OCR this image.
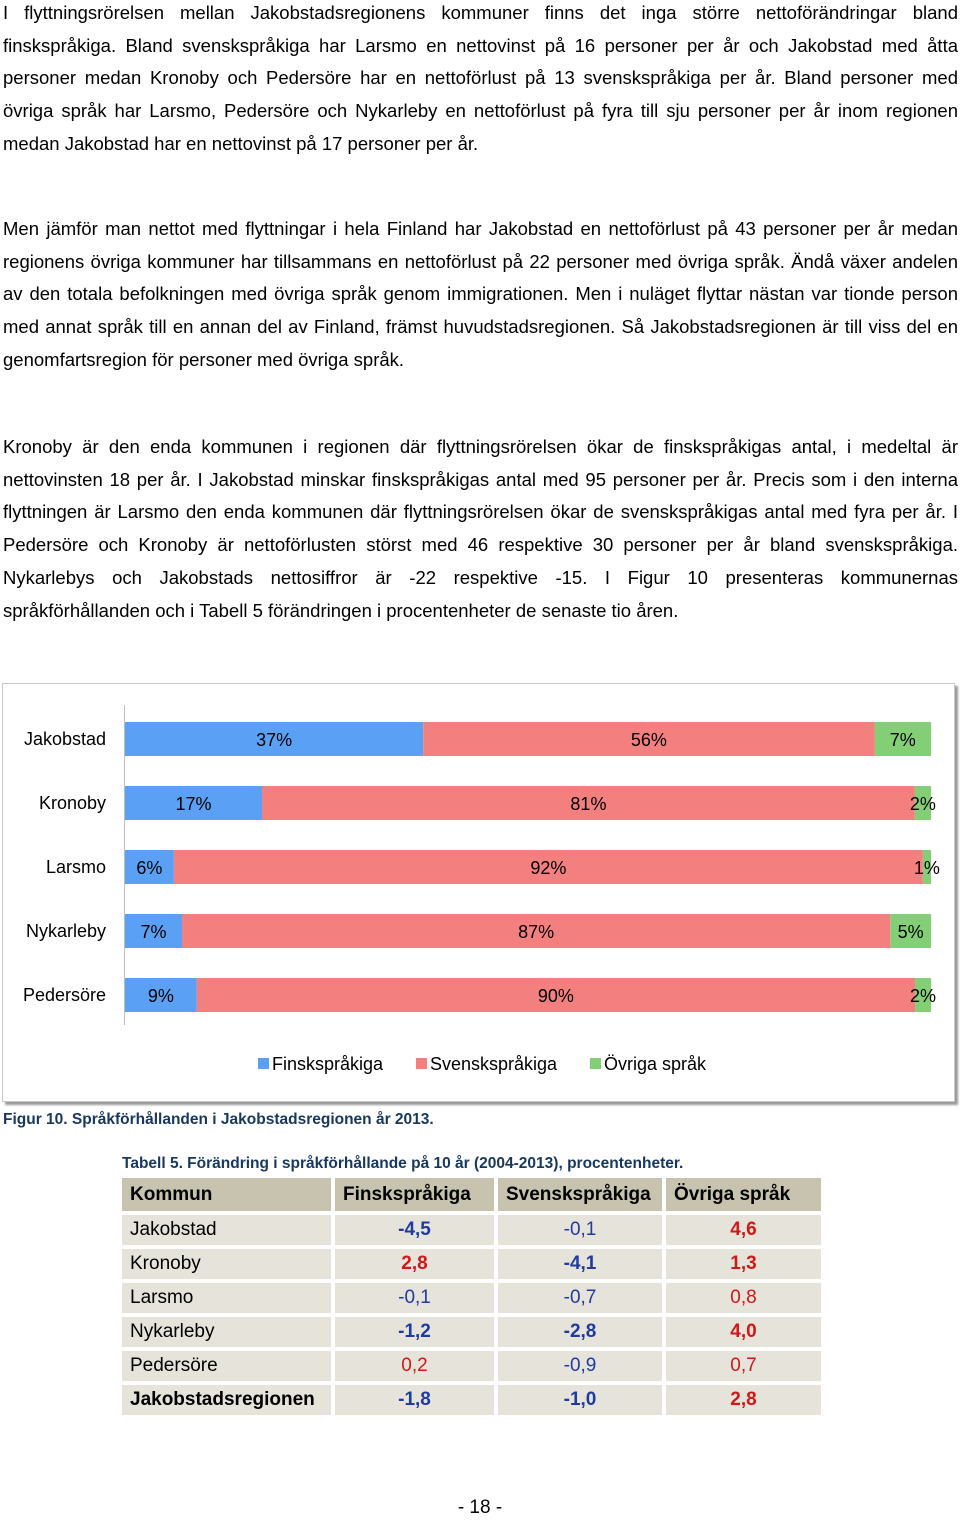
I flyttningsrörelsen mellan Jakobstadsregionens kommuner finns det inga större nettoförändringar bland finskspråkiga. Bland svenskspråkiga har Larsmo en nettovinst på 16 personer per år och Jakobstad med åtta personer medan Kronoby och Pedersöre har en nettoförlust på 13 svenskspråkiga per år. Bland personer med övriga språk har Larsmo, Pedersöre och Nykarleby en nettoförlust på fyra till sju personer per år inom regionen medan Jakobstad har en nettovinst på 17 personer per år.

Men jämför man nettot med flyttningar i hela Finland har Jakobstad en nettoförlust på 43 personer per år medan regionens övriga kommuner har tillsammans en nettoförlust på 22 personer med övriga språk. Ändå växer andelen av den totala befolkningen med övriga språk genom immigrationen. Men i nuläget flyttar nästan var tionde person med annat språk till en annan del av Finland, främst huvudstadsregionen. Så Jakobstadsregionen är till viss del en genomfartsregion för personer med övriga språk.

Kronoby är den enda kommunen i regionen där flyttningsrörelsen ökar de finskspråkigas antal, i medeltal är nettovinsten 18 per år. I Jakobstad minskar finskspråkigas antal med 95 personer per år. Precis som i den interna flyttningen är Larsmo den enda kommunen där flyttningsrörelsen ökar de svenskspråkigas antal med fyra per år. I Pedersöre och Kronoby är nettoförlusten störst med 46 respektive 30 personer per år bland svenskspråkiga. Nykarlebys och Jakobstads nettosiffror är -22 respektive -15. I Figur 10 presenteras kommunernas språkförhållanden och i Tabell 5 förändringen i procentenheter de senaste tio åren.

Jakobstad	37%	56%	7%
Kronoby	17%	81%	2%
Larsmo 6%	92%	1%
Nykarleby 7%	87%	5%
Pedersöre 9%	90%	2%
Finskspråkiga	Svenskspråkiga	Övriga språk

Figur 10. Språkförhållanden i Jakobstadsregionen år 2013.

Tabell 5. Förändring i språkförhållande på 10 år (2004-2013), procentenheter.

Kommun	Finskspråkiga	Svenskspråkiga	Övriga språk
Jakobstad	-4,5	-0,1	4,6
Kronoby	2,8	-4,1	1,3
Larsmo	-0,1	-0,7	0,8
Nykarleby	-1,2	-2,8	4,0
Pedersöre	0,2	-0,9	0,7
Jakobstadsregionen	-1,8	-1,0	2,8

- 18 -
